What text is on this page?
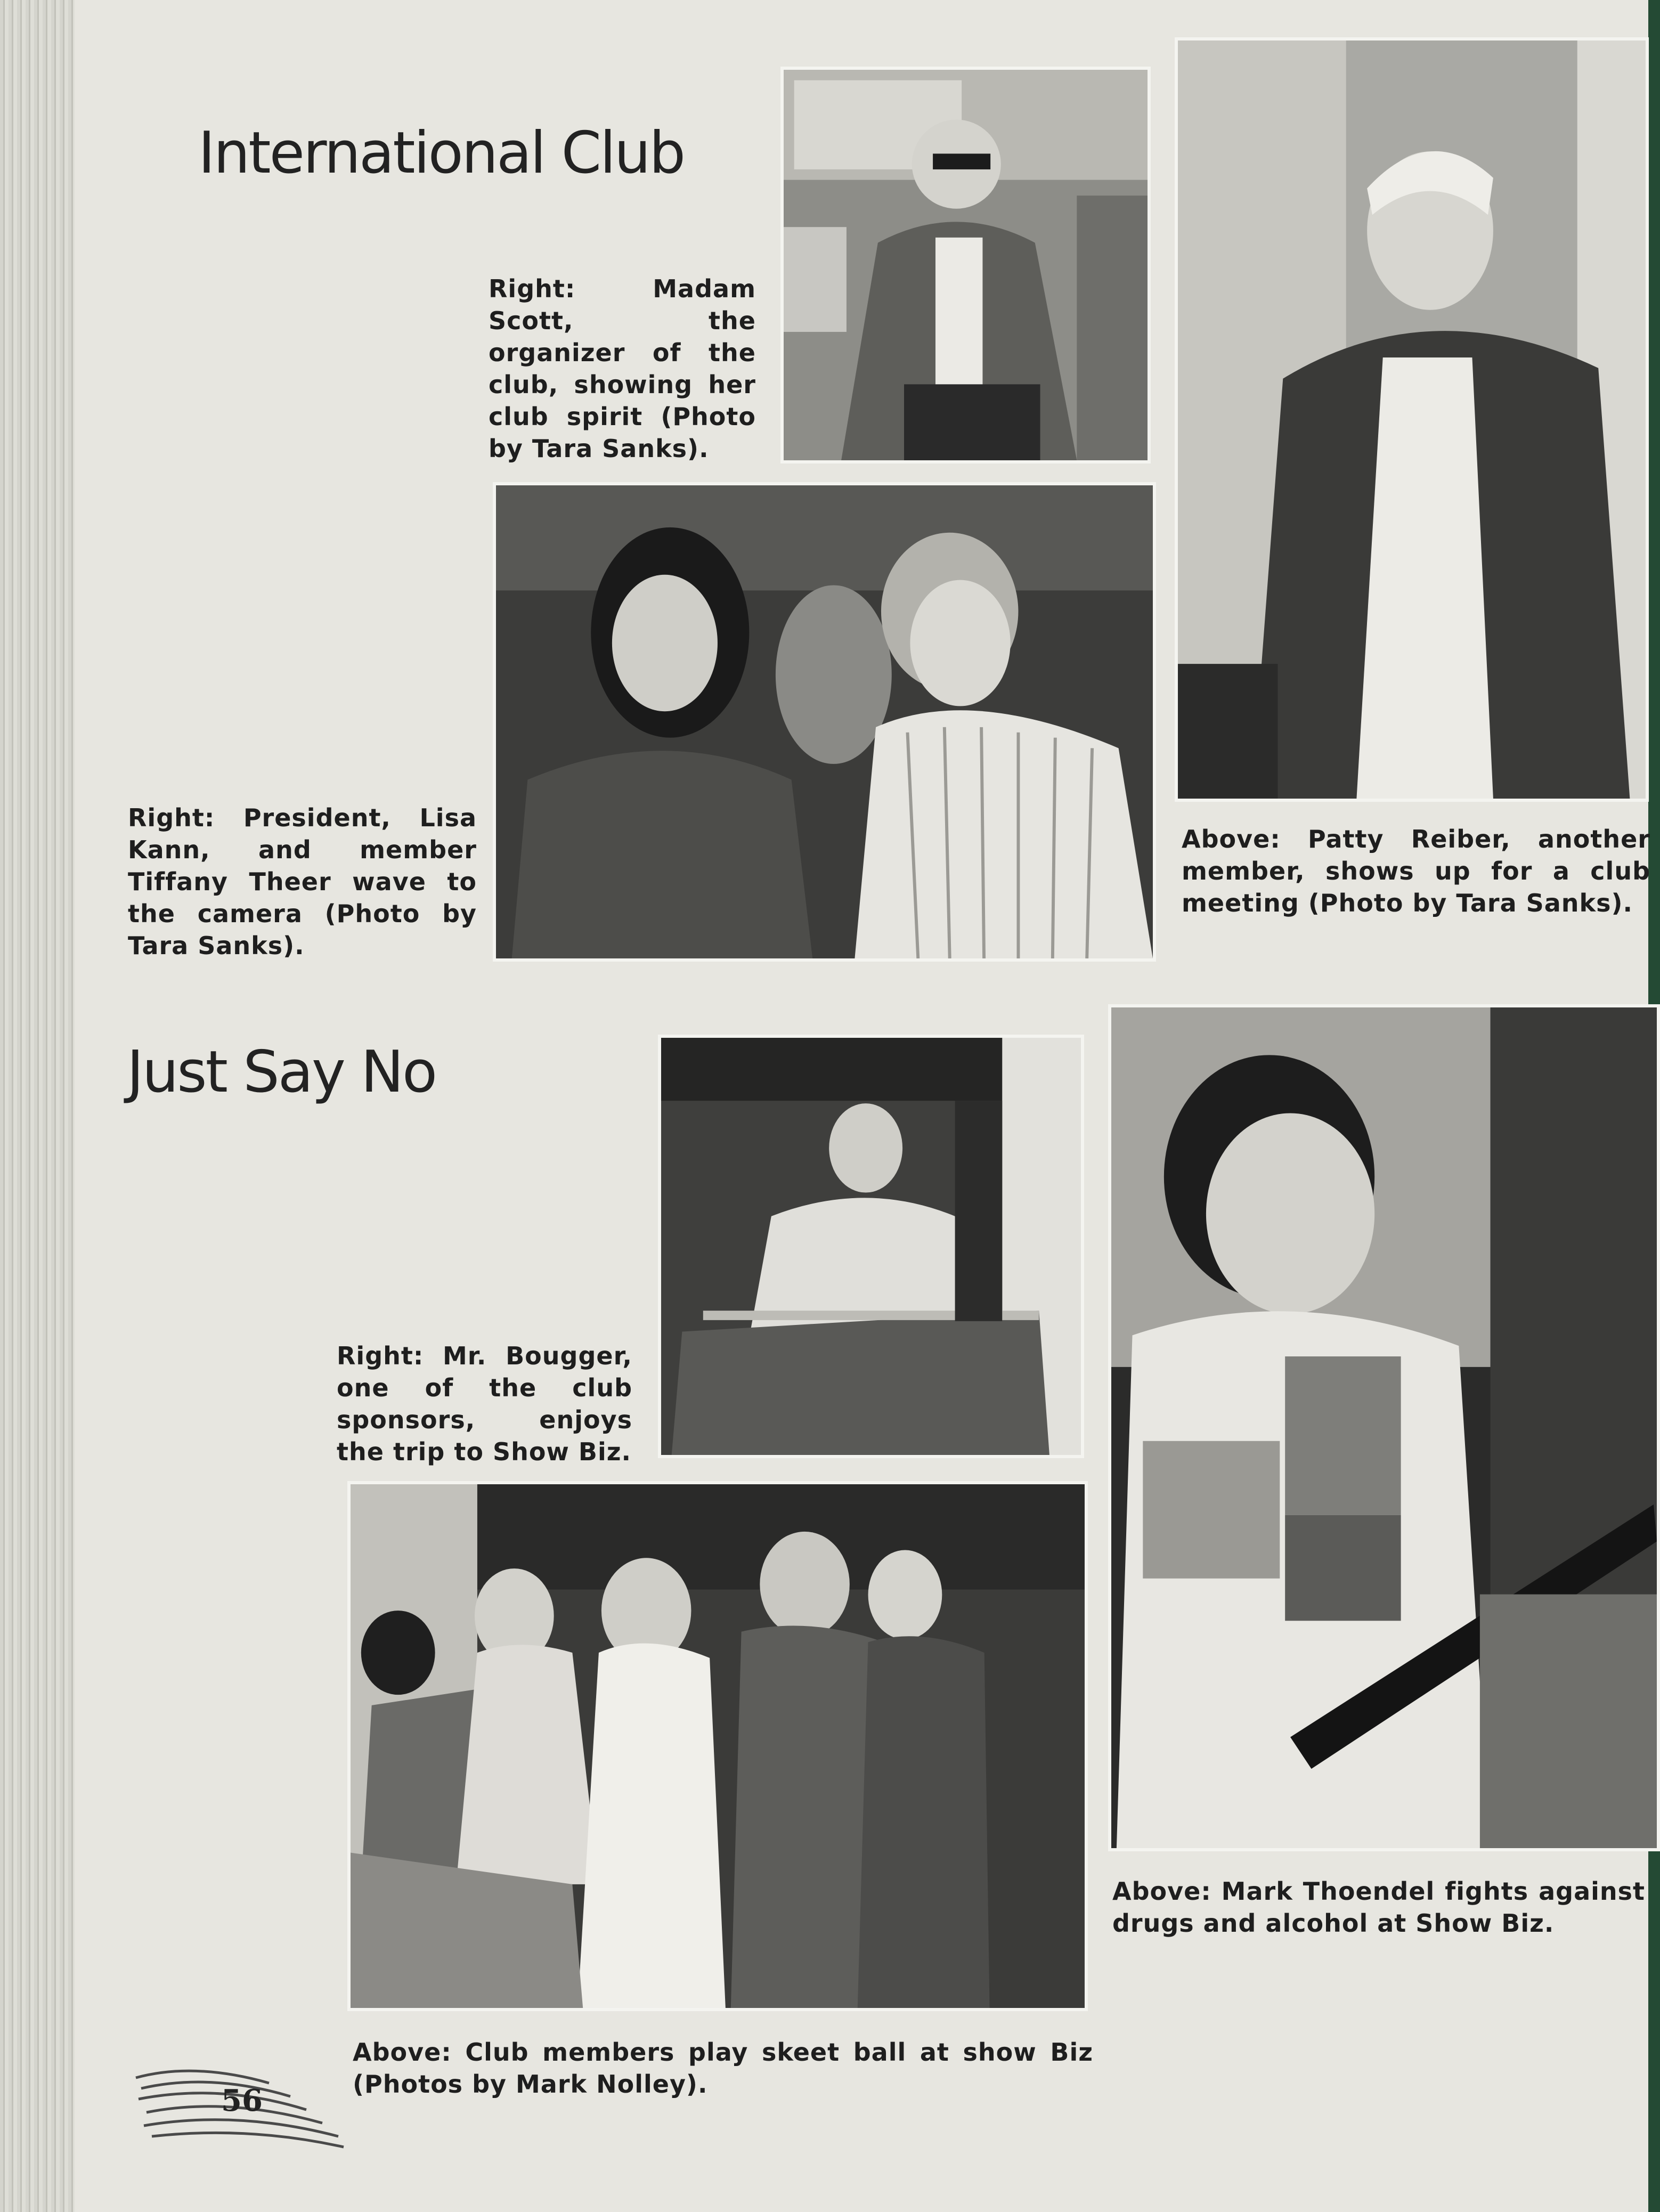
International Club

Right: Madam Scott, the organizer of the club, showing her club spirit (Photo by Tara Sanks).

Right: President, Lisa Kann, and member Tiffany Theer wave to the camera (Photo by Tara Sanks).

Above: Patty Reiber, another member, shows up for a club meeting (Photo by Tara Sanks).

Just Say No

Right: Mr. Bougger, one of the club sponsors, enjoys the trip to Show Biz.

Above: Mark Thoendel fights against drugs and alcohol at Show Biz.

Above: Club members play skeet ball at show Biz (Photos by Mark Nolley).

56
